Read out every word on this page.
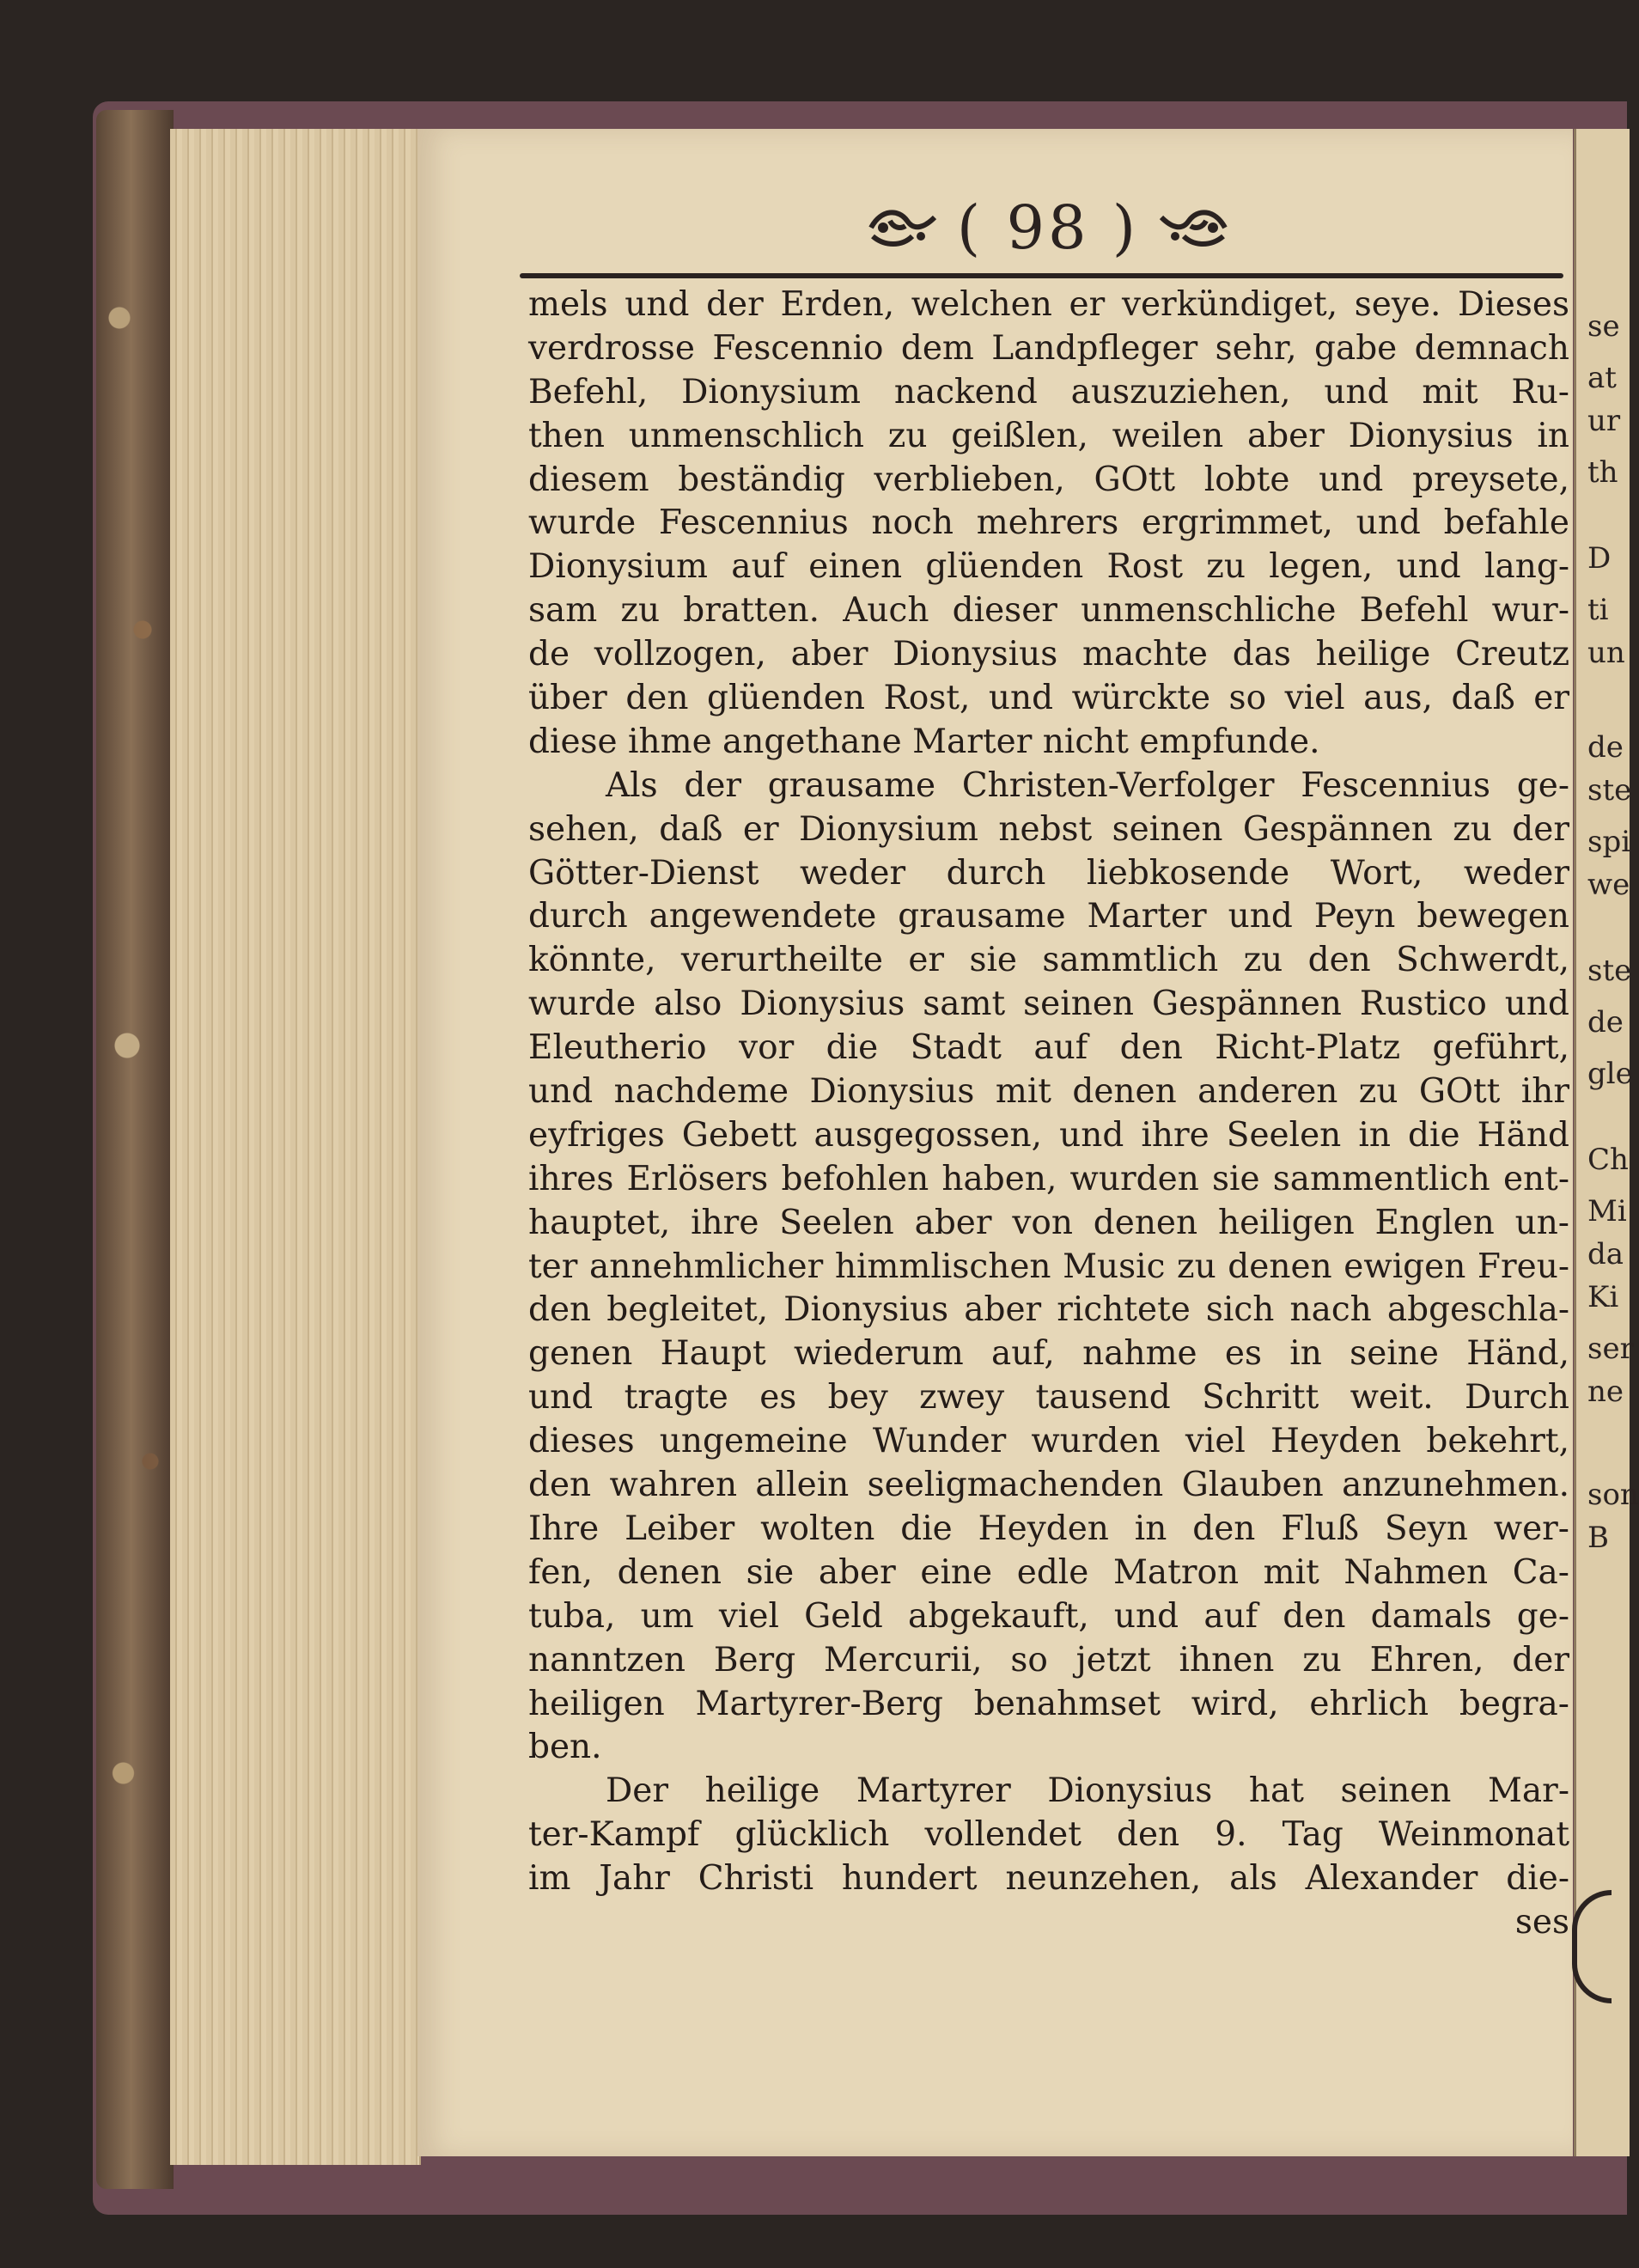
( 98 )
mels und der Erden, welchen er verkündiget, seye. Dieses
verdrosse Fescennio dem Landpfleger sehr, gabe demnach
Befehl, Dionysium nackend auszuziehen, und mit Ru-
then unmenschlich zu geißlen, weilen aber Dionysius in
diesem beständig verblieben, GOtt lobte und preysete,
wurde Fescennius noch mehrers ergrimmet, und befahle
Dionysium auf einen glüenden Rost zu legen, und lang-
sam zu bratten. Auch dieser unmenschliche Befehl wur-
de vollzogen, aber Dionysius machte das heilige Creutz
über den glüenden Rost, und würckte so viel aus, daß er
diese ihme angethane Marter nicht empfunde.
Als der grausame Christen-Verfolger Fescennius ge-
sehen, daß er Dionysium nebst seinen Gespännen zu der
Götter-Dienst weder durch liebkosende Wort, weder
durch angewendete grausame Marter und Peyn bewegen
könnte, verurtheilte er sie sammtlich zu den Schwerdt,
wurde also Dionysius samt seinen Gespännen Rustico und
Eleutherio vor die Stadt auf den Richt-Platz geführt,
und nachdeme Dionysius mit denen anderen zu GOtt ihr
eyfriges Gebett ausgegossen, und ihre Seelen in die Händ
ihres Erlösers befohlen haben, wurden sie sammentlich ent-
hauptet, ihre Seelen aber von denen heiligen Englen un-
ter annehmlicher himmlischen Music zu denen ewigen Freu-
den begleitet, Dionysius aber richtete sich nach abgeschla-
genen Haupt wiederum auf, nahme es in seine Händ,
und tragte es bey zwey tausend Schritt weit. Durch
dieses ungemeine Wunder wurden viel Heyden bekehrt,
den wahren allein seeligmachenden Glauben anzunehmen.
Ihre Leiber wolten die Heyden in den Fluß Seyn wer-
fen, denen sie aber eine edle Matron mit Nahmen Ca-
tuba, um viel Geld abgekauft, und auf den damals ge-
nanntzen Berg Mercurii, so jetzt ihnen zu Ehren, der
heiligen Martyrer-Berg benahmset wird, ehrlich begra-
ben.
Der heilige Martyrer Dionysius hat seinen Mar-
ter-Kampf glücklich vollendet den 9. Tag Weinmonat
im Jahr Christi hundert neunzehen, als Alexander die-
ses
se
at
ur
th
D
ti
un
de
ste
spi
we
ste
de
gle
Ch
Mi
da
Ki
ser
ne
son
B
